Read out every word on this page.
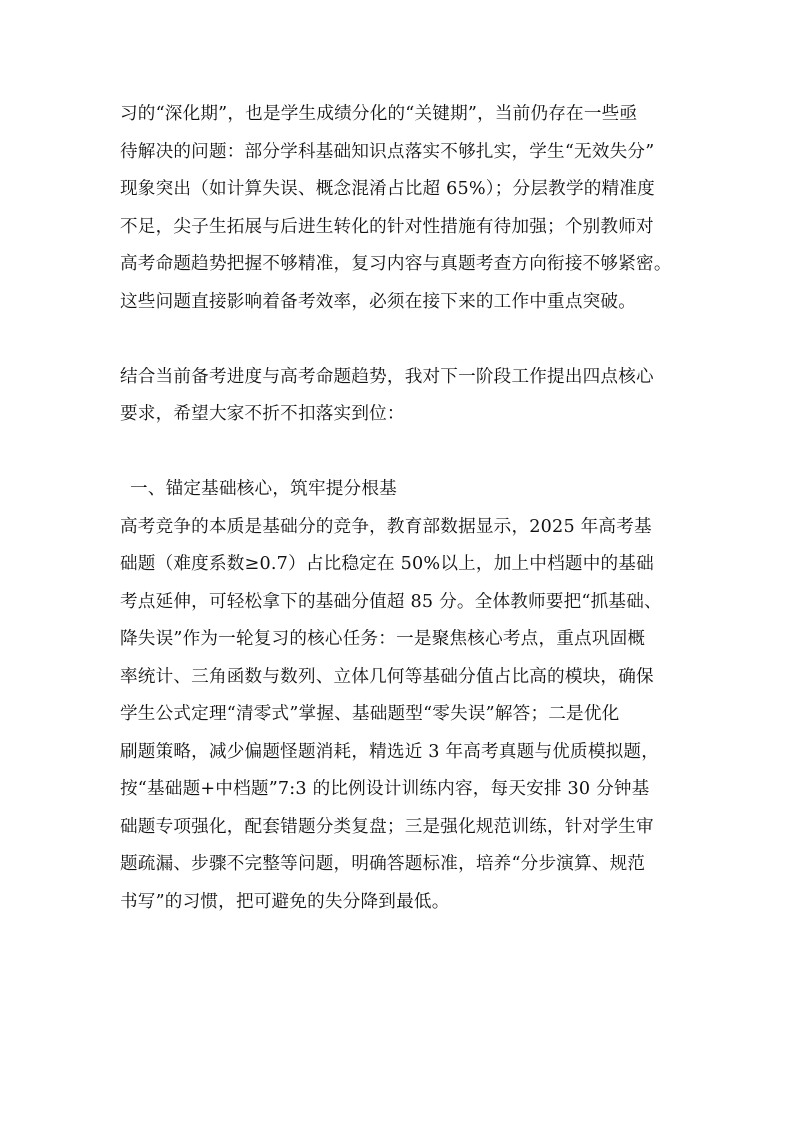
习的“深化期”，也是学生成绩分化的“关键期”，当前仍存在一些亟
待解决的问题：部分学科基础知识点落实不够扎实，学生“无效失分”
现象突出（如计算失误、概念混淆占比超 65%）；分层教学的精准度
不足，尖子生拓展与后进生转化的针对性措施有待加强；个别教师对
高考命题趋势把握不够精准，复习内容与真题考查方向衔接不够紧密。
这些问题直接影响着备考效率，必须在接下来的工作中重点突破。
结合当前备考进度与高考命题趋势，我对下一阶段工作提出四点核心
要求，希望大家不折不扣落实到位：
一、锚定基础核心，筑牢提分根基
高考竞争的本质是基础分的竞争，教育部数据显示，2025 年高考基
础题（难度系数≥0.7）占比稳定在 50%以上，加上中档题中的基础
考点延伸，可轻松拿下的基础分值超 85 分。全体教师要把“抓基础、
降失误”作为一轮复习的核心任务：一是聚焦核心考点，重点巩固概
率统计、三角函数与数列、立体几何等基础分值占比高的模块，确保
学生公式定理“清零式”掌握、基础题型“零失误”解答；二是优化
刷题策略，减少偏题怪题消耗，精选近 3 年高考真题与优质模拟题，
按“基础题+中档题”7:3 的比例设计训练内容，每天安排 30 分钟基
础题专项强化，配套错题分类复盘；三是强化规范训练，针对学生审
题疏漏、步骤不完整等问题，明确答题标准，培养“分步演算、规范
书写”的习惯，把可避免的失分降到最低。
